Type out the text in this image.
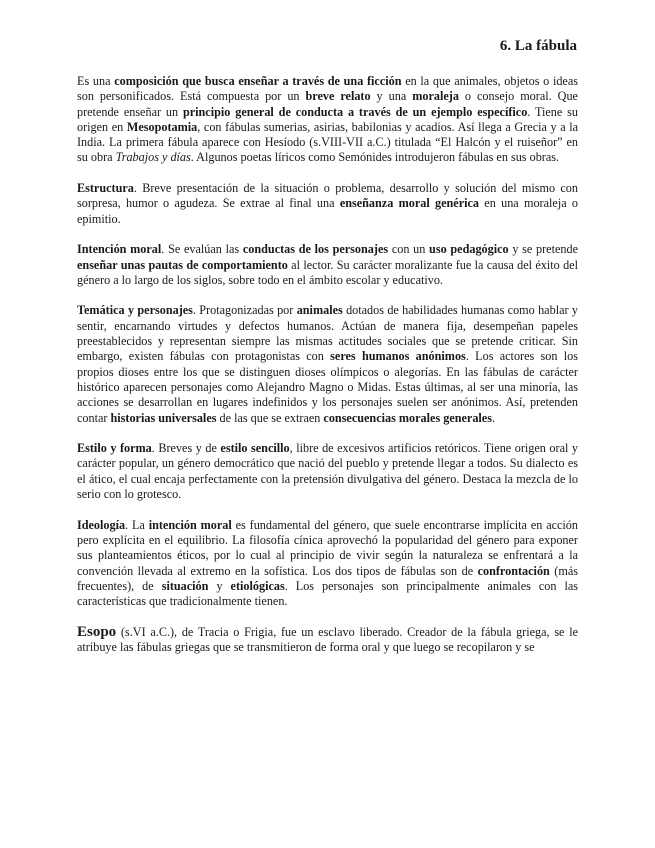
6. La fábula

Es una composición que busca enseñar a través de una ficción en la que animales, objetos o ideas son personificados. Está compuesta por un breve relato y una moraleja o consejo moral. Que pretende enseñar un principio general de conducta a través de un ejemplo específico. Tiene su origen en Mesopotamia, con fábulas sumerias, asirias, babilonias y acadios. Así llega a Grecia y a la India. La primera fábula aparece con Hesíodo (s.VIII-VII a.C.) titulada “El Halcón y el ruiseñor” en su obra Trabajos y días. Algunos poetas líricos como Semónides introdujeron fábulas en sus obras.

Estructura. Breve presentación de la situación o problema, desarrollo y solución del mismo con sorpresa, humor o agudeza. Se extrae al final una enseñanza moral genérica en una moraleja o epimitio.

Intención moral. Se evalúan las conductas de los personajes con un uso pedagógico y se pretende enseñar unas pautas de comportamiento al lector. Su carácter moralizante fue la causa del éxito del género a lo largo de los siglos, sobre todo en el ámbito escolar y educativo.

Temática y personajes. Protagonizadas por animales dotados de habilidades humanas como hablar y sentir, encarnando virtudes y defectos humanos. Actúan de manera fija, desempeñan papeles preestablecidos y representan siempre las mismas actitudes sociales que se pretende criticar. Sin embargo, existen fábulas con protagonistas con seres humanos anónimos. Los actores son los propios dioses entre los que se distinguen dioses olímpicos o alegorías. En las fábulas de carácter histórico aparecen personajes como Alejandro Magno o Midas. Estas últimas, al ser una minoría, las acciones se desarrollan en lugares indefinidos y los personajes suelen ser anónimos. Así, pretenden contar historias universales de las que se extraen consecuencias morales generales.

Estilo y forma. Breves y de estilo sencillo, libre de excesivos artificios retóricos. Tiene origen oral y carácter popular, un género democrático que nació del pueblo y pretende llegar a todos. Su dialecto es el ático, el cual encaja perfectamente con la pretensión divulgativa del género. Destaca la mezcla de lo serio con lo grotesco.

Ideología. La intención moral es fundamental del género, que suele encontrarse implícita en acción pero explícita en el equilibrio. La filosofía cínica aprovechó la popularidad del género para exponer sus planteamientos éticos, por lo cual al principio de vivir según la naturaleza se enfrentará a la convención llevada al extremo en la sofística. Los dos tipos de fábulas son de confrontación (más frecuentes), de situación y etiológicas. Los personajes son principalmente animales con las características que tradicionalmente tienen.

Esopo (s.VI a.C.), de Tracia o Frigia, fue un esclavo liberado. Creador de la fábula griega, se le atribuye las fábulas griegas que se transmitieron de forma oral y que luego se recopilaron y se
